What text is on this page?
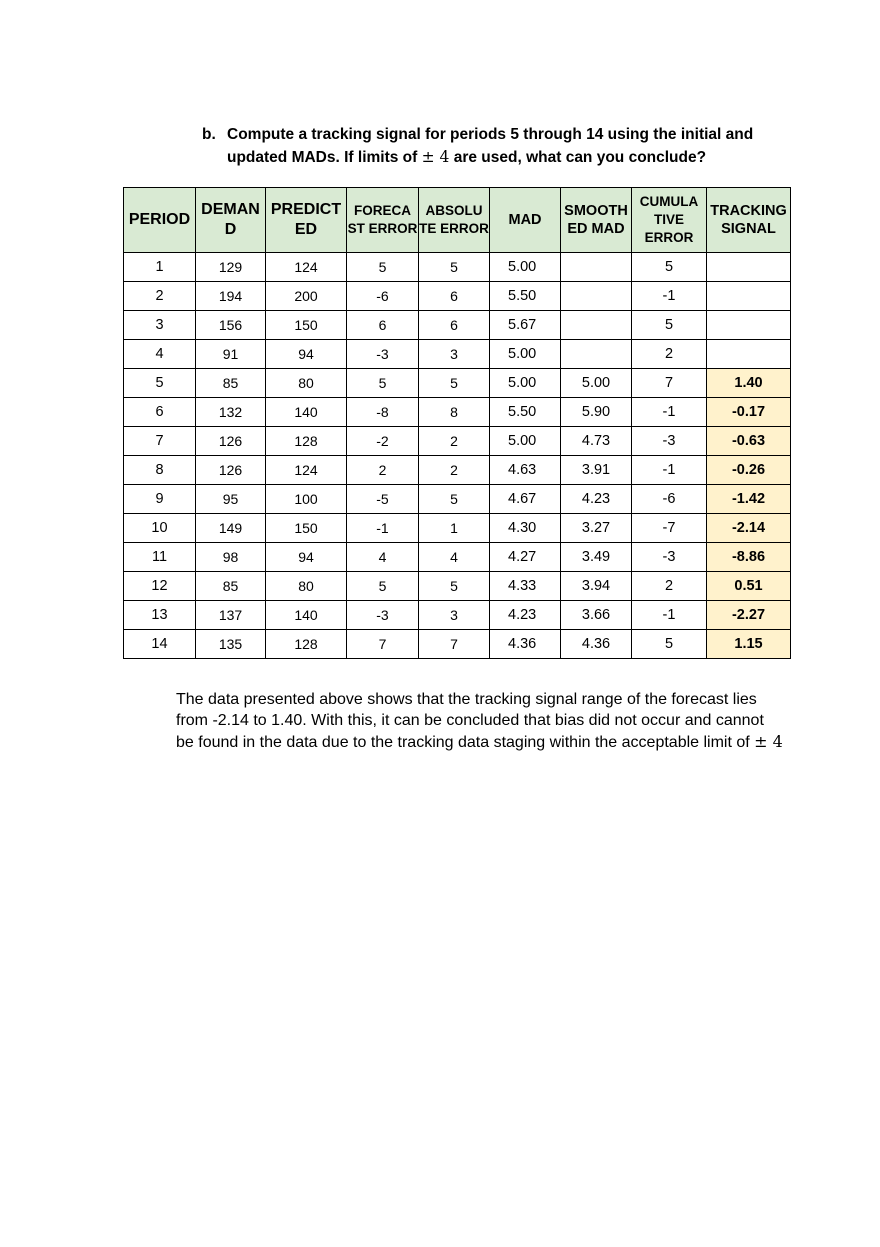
b. Compute a tracking signal for periods 5 through 14 using the initial and
updated MADs. If limits of ± 4 are used, what can you conclude?
PERIOD	DEMAN D	PREDICT ED	FORECA ST ERROR	ABSOLU TE ERROR	MAD	SMOOTH ED MAD	CUMULA TIVE ERROR	TRACKING SIGNAL
1	129	124	5	5	5.00		5	
2	194	200	-6	6	5.50		-1	
3	156	150	6	6	5.67		5	
4	91	94	-3	3	5.00		2	
5	85	80	5	5	5.00	5.00	7	1.40
6	132	140	-8	8	5.50	5.90	-1	-0.17
7	126	128	-2	2	5.00	4.73	-3	-0.63
8	126	124	2	2	4.63	3.91	-1	-0.26
9	95	100	-5	5	4.67	4.23	-6	-1.42
10	149	150	-1	1	4.30	3.27	-7	-2.14
11	98	94	4	4	4.27	3.49	-3	-8.86
12	85	80	5	5	4.33	3.94	2	0.51
13	137	140	-3	3	4.23	3.66	-1	-2.27
14	135	128	7	7	4.36	4.36	5	1.15
The data presented above shows that the tracking signal range of the forecast lies
from -2.14 to 1.40. With this, it can be concluded that bias did not occur and cannot
be found in the data due to the tracking data staging within the acceptable limit of ± 4
